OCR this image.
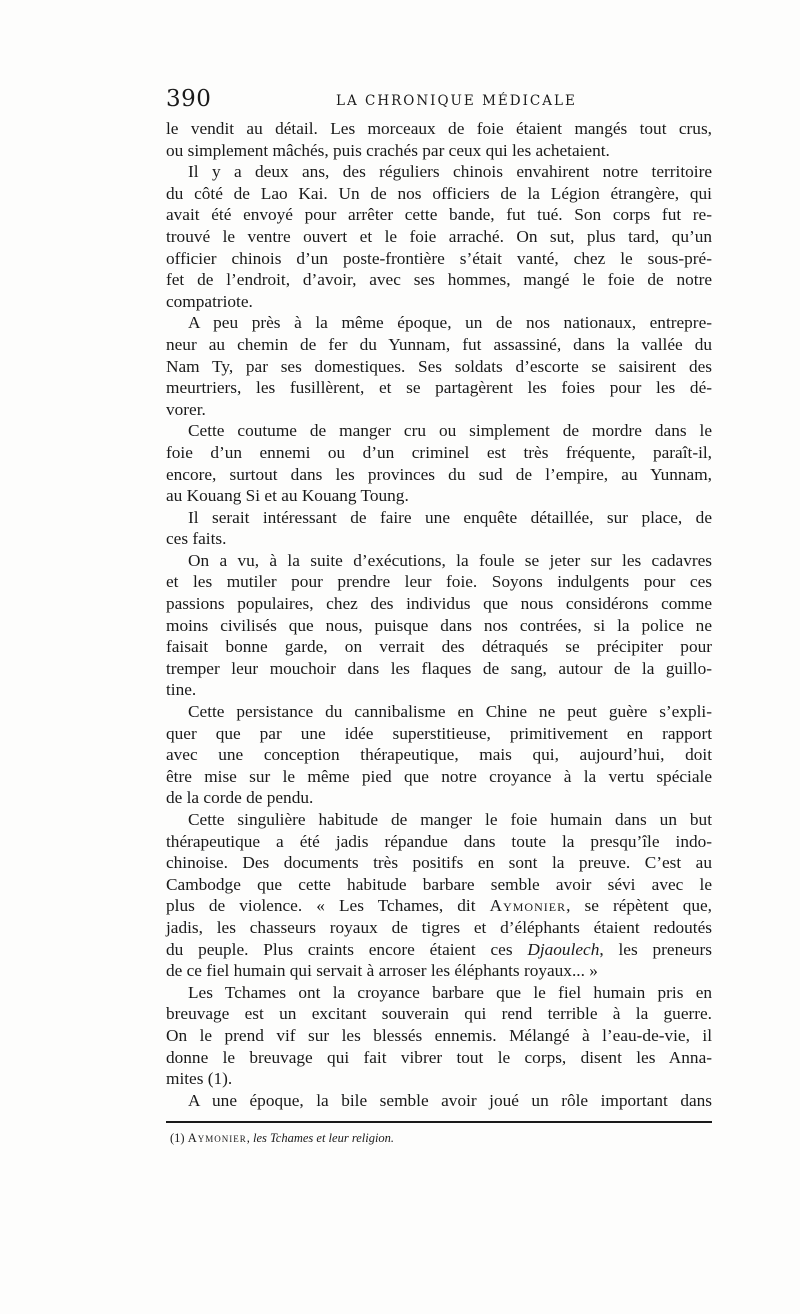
390	LA CHRONIQUE MÉDICALE
le vendit au détail. Les morceaux de foie étaient mangés tout crus,
ou simplement mâchés, puis crachés par ceux qui les achetaient.
Il y a deux ans, des réguliers chinois envahirent notre territoire
du côté de Lao Kai. Un de nos officiers de la Légion étrangère, qui
avait été envoyé pour arrêter cette bande, fut tué. Son corps fut re-
trouvé le ventre ouvert et le foie arraché. On sut, plus tard, qu’un
officier chinois d’un poste-frontière s’était vanté, chez le sous-pré-
fet de l’endroit, d’avoir, avec ses hommes, mangé le foie de notre
compatriote.
A peu près à la même époque, un de nos nationaux, entrepre-
neur au chemin de fer du Yunnam, fut assassiné, dans la vallée du
Nam Ty, par ses domestiques. Ses soldats d’escorte se saisirent des
meurtriers, les fusillèrent, et se partagèrent les foies pour les dé-
vorer.
Cette coutume de manger cru ou simplement de mordre dans le
foie d’un ennemi ou d’un criminel est très fréquente, paraît-il,
encore, surtout dans les provinces du sud de l’empire, au Yunnam,
au Kouang Si et au Kouang Toung.
Il serait intéressant de faire une enquête détaillée, sur place, de
ces faits.
On a vu, à la suite d’exécutions, la foule se jeter sur les cadavres
et les mutiler pour prendre leur foie. Soyons indulgents pour ces
passions populaires, chez des individus que nous considérons comme
moins civilisés que nous, puisque dans nos contrées, si la police ne
faisait bonne garde, on verrait des détraqués se précipiter pour
tremper leur mouchoir dans les flaques de sang, autour de la guillo-
tine.
Cette persistance du cannibalisme en Chine ne peut guère s’expli-
quer que par une idée superstitieuse, primitivement en rapport
avec une conception thérapeutique, mais qui, aujourd’hui, doit
être mise sur le même pied que notre croyance à la vertu spéciale
de la corde de pendu.
Cette singulière habitude de manger le foie humain dans un but
thérapeutique a été jadis répandue dans toute la presqu’île indo-
chinoise. Des documents très positifs en sont la preuve. C’est au
Cambodge que cette habitude barbare semble avoir sévi avec le
plus de violence. « Les Tchames, dit Aymonier, se répètent que,
jadis, les chasseurs royaux de tigres et d’éléphants étaient redoutés
du peuple. Plus craints encore étaient ces Djaoulech, les preneurs
de ce fiel humain qui servait à arroser les éléphants royaux... »
Les Tchames ont la croyance barbare que le fiel humain pris en
breuvage est un excitant souverain qui rend terrible à la guerre.
On le prend vif sur les blessés ennemis. Mélangé à l’eau-de-vie, il
donne le breuvage qui fait vibrer tout le corps, disent les Anna-
mites (1).
A une époque, la bile semble avoir joué un rôle important dans
(1) Aymonier, les Tchames et leur religion.
